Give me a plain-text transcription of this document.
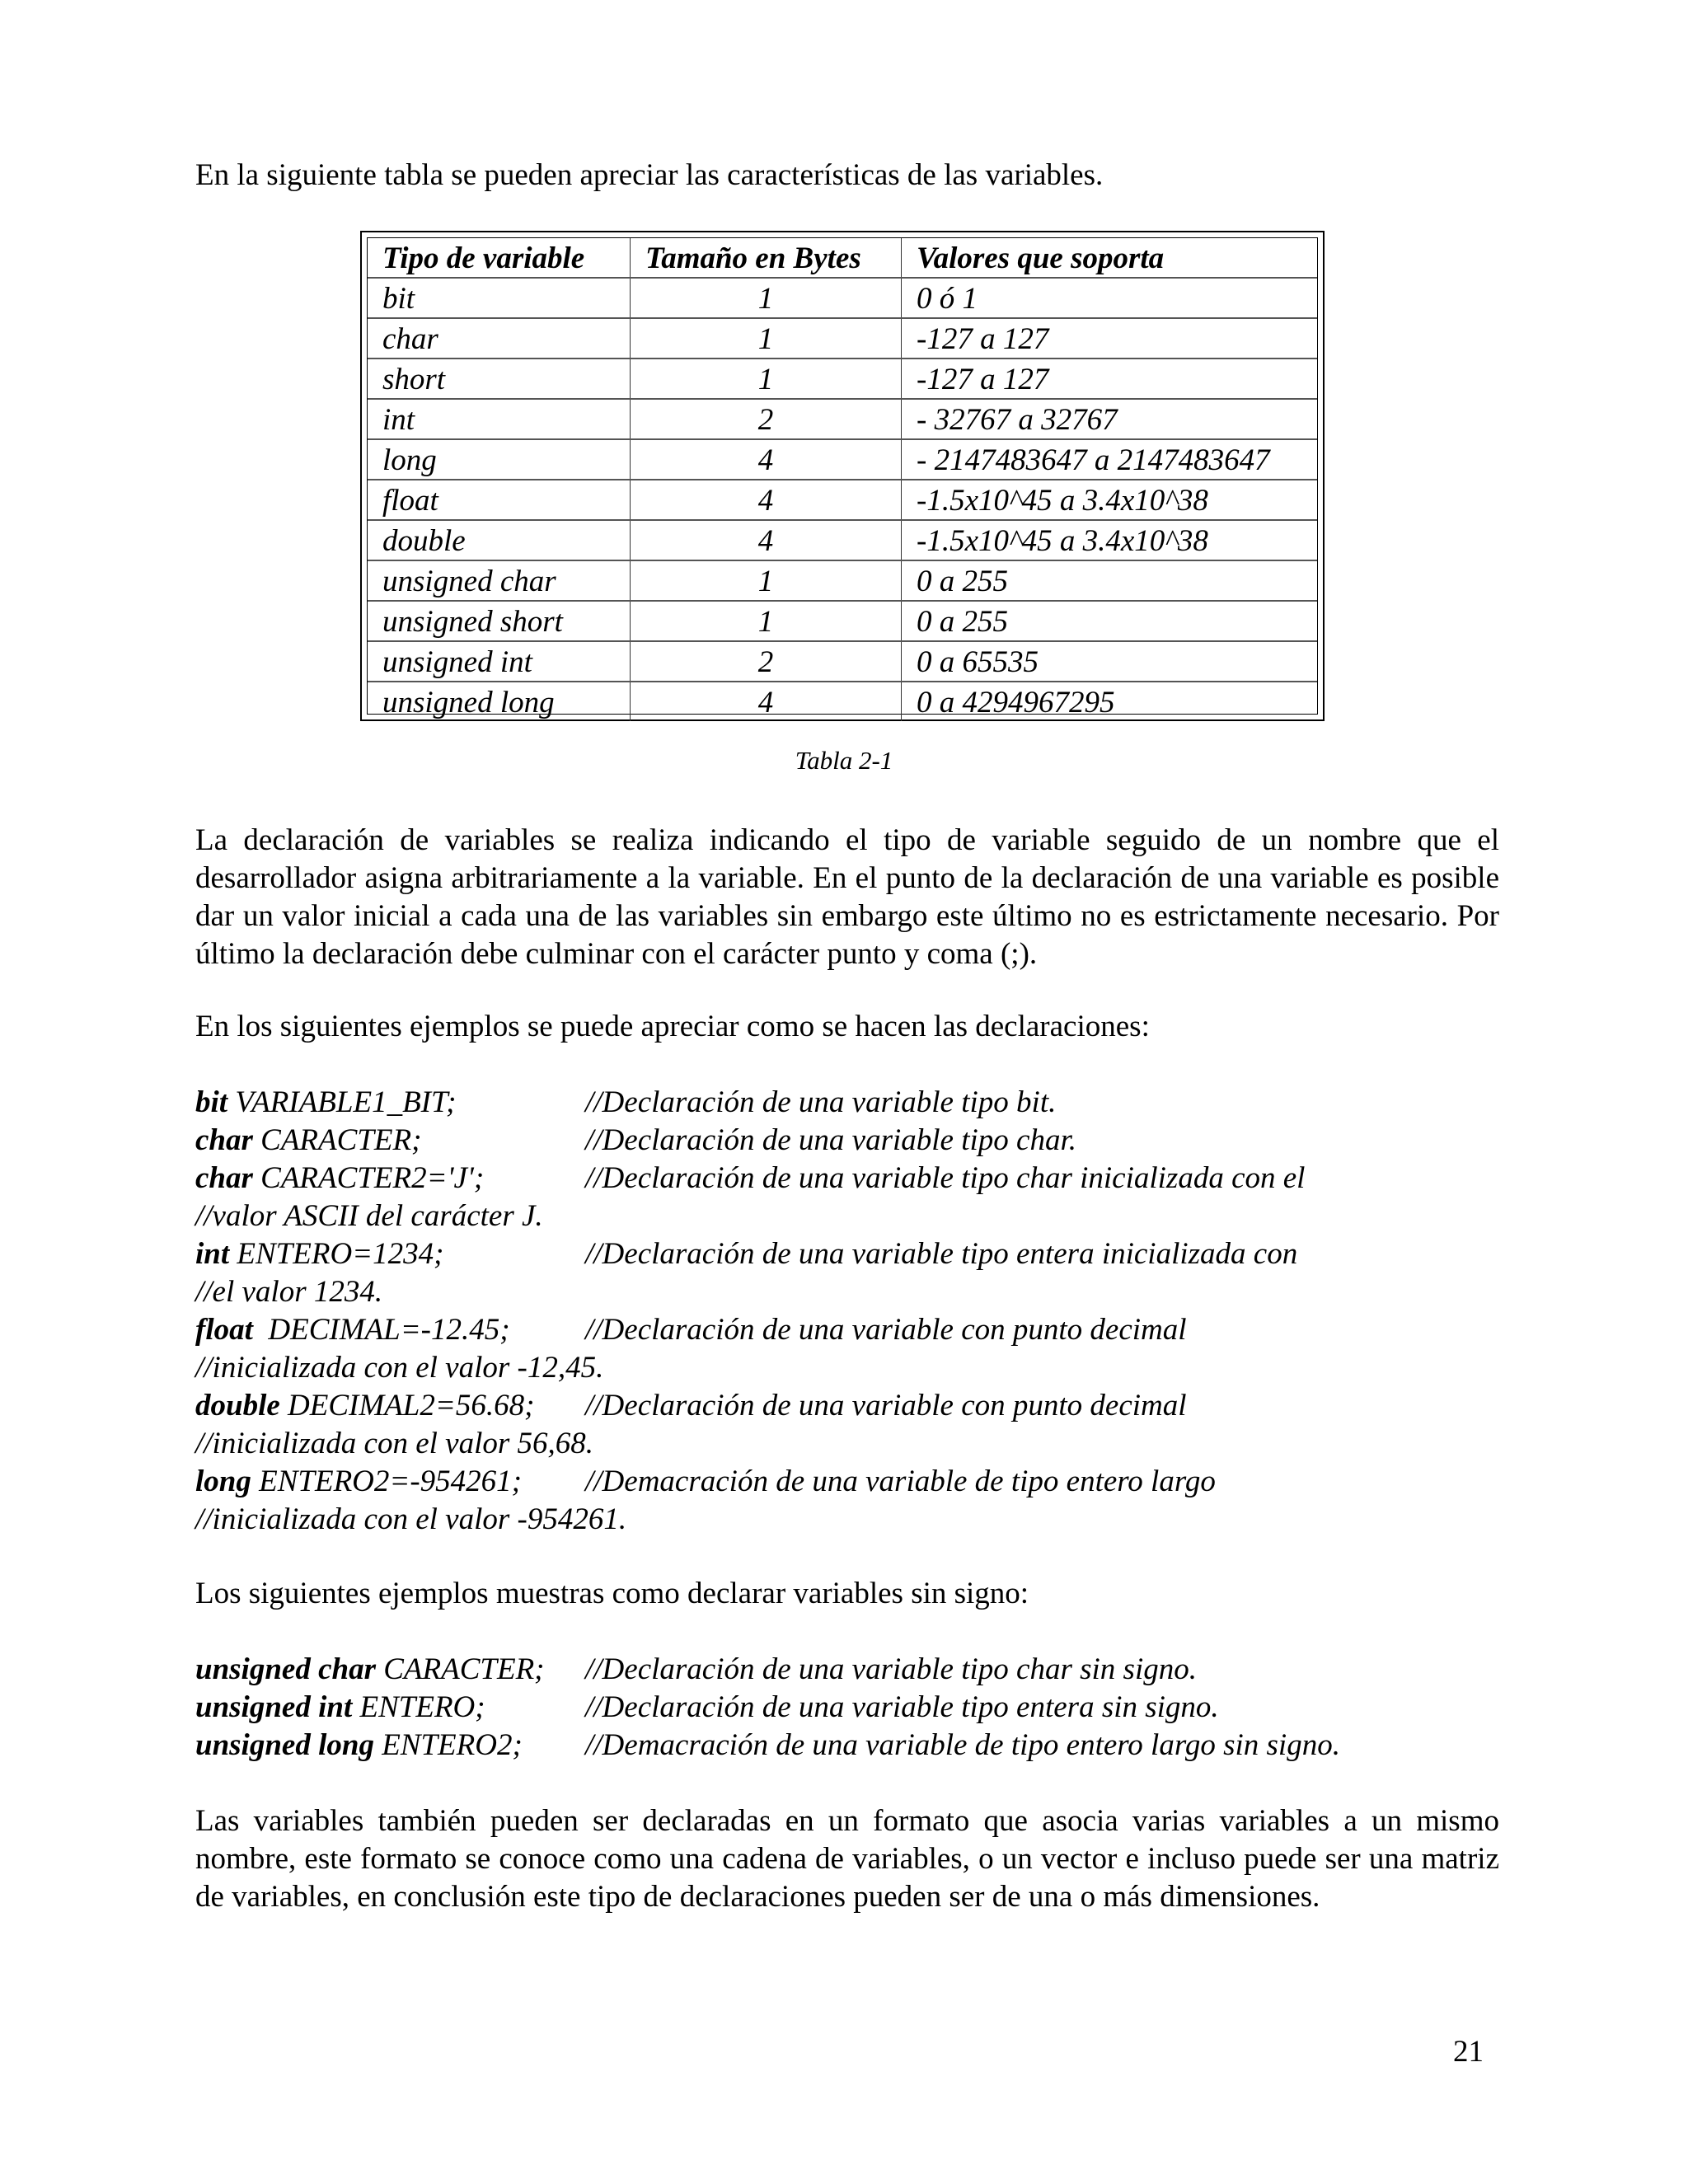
En la siguiente tabla se pueden apreciar las características de las variables.

Tipo de variable	Tamaño en Bytes	Valores que soporta
bit	1	0 ó 1
char	1	-127 a 127
short	1	-127 a 127
int	2	- 32767 a 32767
long	4	- 2147483647 a 2147483647
float	4	-1.5x10^45 a 3.4x10^38
double	4	-1.5x10^45 a 3.4x10^38
unsigned char	1	0 a 255
unsigned short	1	0 a 255
unsigned int	2	0 a 65535
unsigned long	4	0 a 4294967295
Tabla 2-1

La declaración de variables se realiza indicando el tipo de variable seguido de un nombre que el desarrollador asigna arbitrariamente a la variable. En el punto de la declaración de una variable es posible dar un valor inicial a cada una de las variables sin embargo este último no es estrictamente necesario. Por último la declaración debe culminar con el carácter punto y coma (;).

En los siguientes ejemplos se puede apreciar como se hacen las declaraciones:

bit VARIABLE1_BIT;	//Declaración de una variable tipo bit.
char CARACTER;	//Declaración de una variable tipo char.
char CARACTER2='J';	//Declaración de una variable tipo char inicializada con el
//valor ASCII del carácter J.
int ENTERO=1234;	//Declaración de una variable tipo entera inicializada con
//el valor 1234.
float  DECIMAL=-12.45; //Declaración de una variable con punto decimal
//inicializada con el valor -12,45.
double DECIMAL2=56.68; //Declaración de una variable con punto decimal
//inicializada con el valor 56,68.
long ENTERO2=-954261; //Demacración de una variable de tipo entero largo
//inicializada con el valor -954261.

Los siguientes ejemplos muestras como declarar variables sin signo:

unsigned char CARACTER; //Declaración de una variable tipo char sin signo.
unsigned int ENTERO;	//Declaración de una variable tipo entera sin signo.
unsigned long ENTERO2; //Demacración de una variable de tipo entero largo sin signo.

Las variables también pueden ser declaradas en un formato que asocia varias variables a un mismo nombre, este formato se conoce como una cadena de variables, o un vector e incluso puede ser una matriz de variables, en conclusión este tipo de declaraciones pueden ser de una o más dimensiones.

21
